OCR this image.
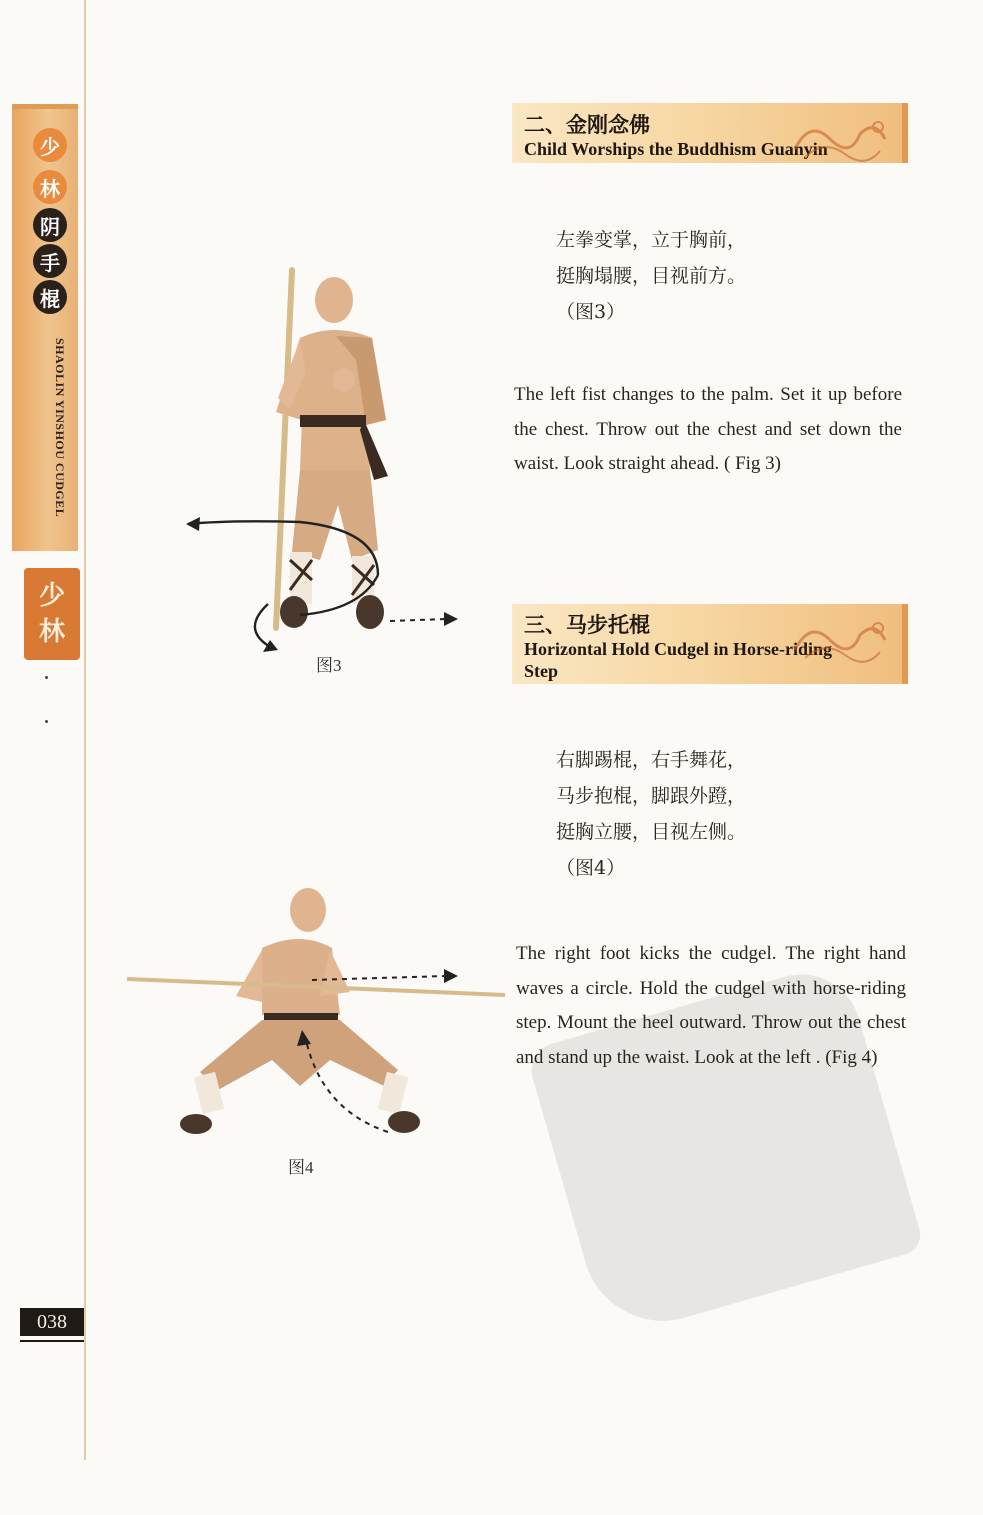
少
林
阴
手
棍
SHAOLIN YINSHOU CUDGEL
少
林
038
二、金刚念佛
Child Worships the Buddhism Guanyin
左拳变掌，立于胸前，
挺胸塌腰，目视前方。
（图3）
The left fist changes to the palm. Set it up before the chest. Throw out the chest and set down the waist. Look straight ahead. ( Fig 3)
图3
三、马步托棍
Horizontal Hold Cudgel in Horse-riding Step
右脚踢棍，右手舞花，
马步抱棍，脚跟外蹬，
挺胸立腰，目视左侧。
（图4）
The right foot kicks the cudgel. The right hand waves a circle. Hold the cudgel with horse-riding step. Mount the heel outward. Throw out the chest and stand up the waist. Look at the left . (Fig 4)
图4
